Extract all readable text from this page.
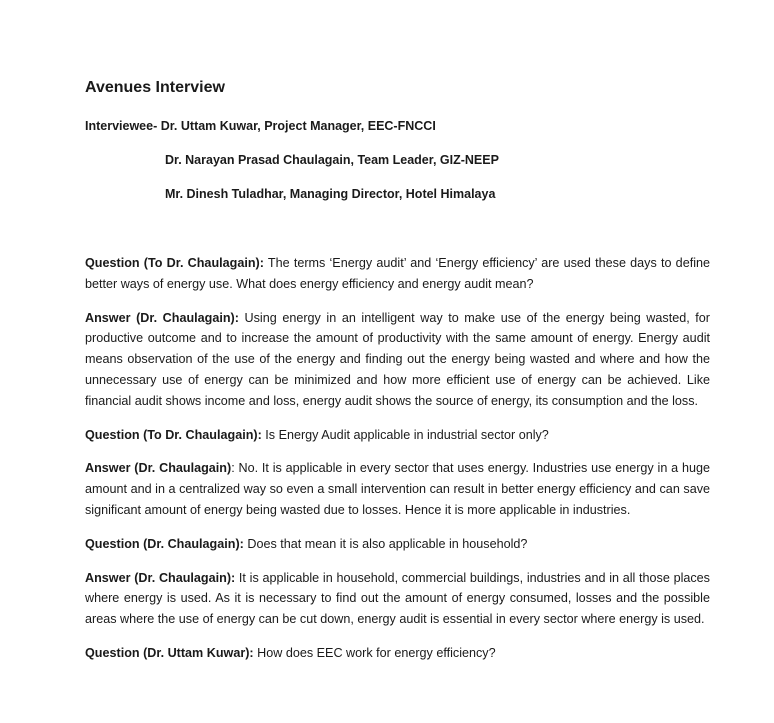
Avenues Interview
Interviewee- Dr. Uttam Kuwar, Project Manager, EEC-FNCCI
Dr. Narayan Prasad Chaulagain, Team Leader, GIZ-NEEP
Mr. Dinesh Tuladhar, Managing Director, Hotel Himalaya

Question (To Dr. Chaulagain): The terms ‘Energy audit’ and ‘Energy efficiency’ are used these days to define better ways of energy use. What does energy efficiency and energy audit mean?

Answer (Dr. Chaulagain): Using energy in an intelligent way to make use of the energy being wasted, for productive outcome and to increase the amount of productivity with the same amount of energy. Energy audit means observation of the use of the energy and finding out the energy being wasted and where and how the unnecessary use of energy can be minimized and how more efficient use of energy can be achieved. Like financial audit shows income and loss, energy audit shows the source of energy, its consumption and the loss.

Question (To Dr. Chaulagain): Is Energy Audit applicable in industrial sector only?

Answer (Dr. Chaulagain): No. It is applicable in every sector that uses energy. Industries use energy in a huge amount and in a centralized way so even a small intervention can result in better energy efficiency and can save significant amount of energy being wasted due to losses. Hence it is more applicable in industries.

Question (Dr. Chaulagain): Does that mean it is also applicable in household?

Answer (Dr. Chaulagain): It is applicable in household, commercial buildings, industries and in all those places where energy is used. As it is necessary to find out the amount of energy consumed, losses and the possible areas where the use of energy can be cut down, energy audit is essential in every sector where energy is used.

Question (Dr. Uttam Kuwar): How does EEC work for energy efficiency?
